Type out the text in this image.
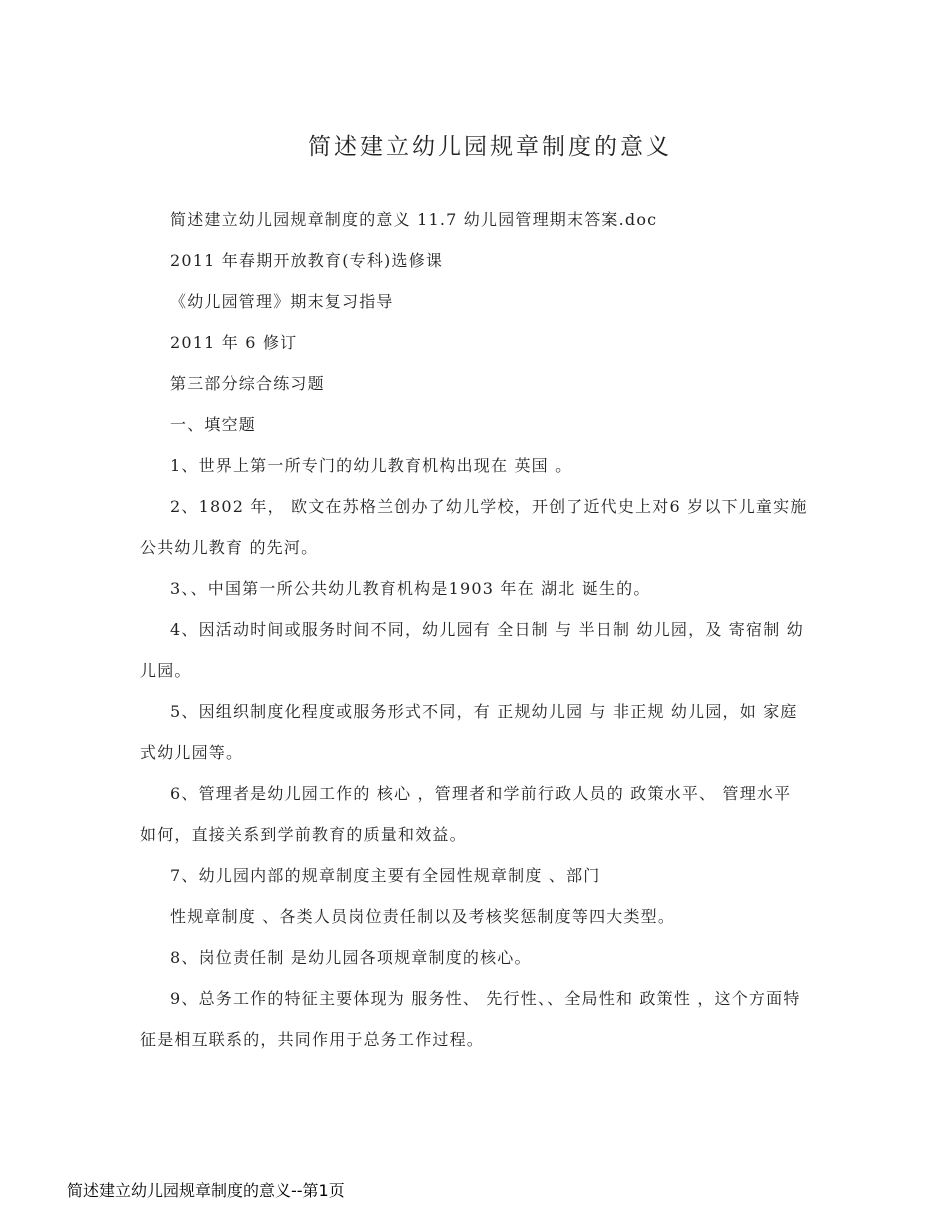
简述建立幼儿园规章制度的意义

简述建立幼儿园规章制度的意义 11.7 幼儿园管理期末答案.doc

2011 年春期开放教育(专科)选修课

《幼儿园管理》期末复习指导

2011 年 6 修订

第三部分综合练习题

一、填空题

1、世界上第一所专门的幼儿教育机构出现在 英国 。

2、1802 年， 欧文在苏格兰创办了幼儿学校，开创了近代史上对6 岁以下儿童实施 公共幼儿教育 的先河。

3、、中国第一所公共幼儿教育机构是1903 年在 湖北 诞生的。

4、因活动时间或服务时间不同，幼儿园有 全日制 与 半日制 幼儿园，及 寄宿制 幼儿园。

5、因组织制度化程度或服务形式不同，有 正规幼儿园 与 非正规 幼儿园，如 家庭式幼儿园等。

6、管理者是幼儿园工作的 核心 ，管理者和学前行政人员的 政策水平、 管理水平 如何，直接关系到学前教育的质量和效益。

7、幼儿园内部的规章制度主要有全园性规章制度 、部门

性规章制度 、各类人员岗位责任制以及考核奖惩制度等四大类型。

8、岗位责任制 是幼儿园各项规章制度的核心。

9、总务工作的特征主要体现为 服务性、 先行性、、全局性和 政策性 ，这个方面特征是相互联系的，共同作用于总务工作过程。

简述建立幼儿园规章制度的意义--第1页
